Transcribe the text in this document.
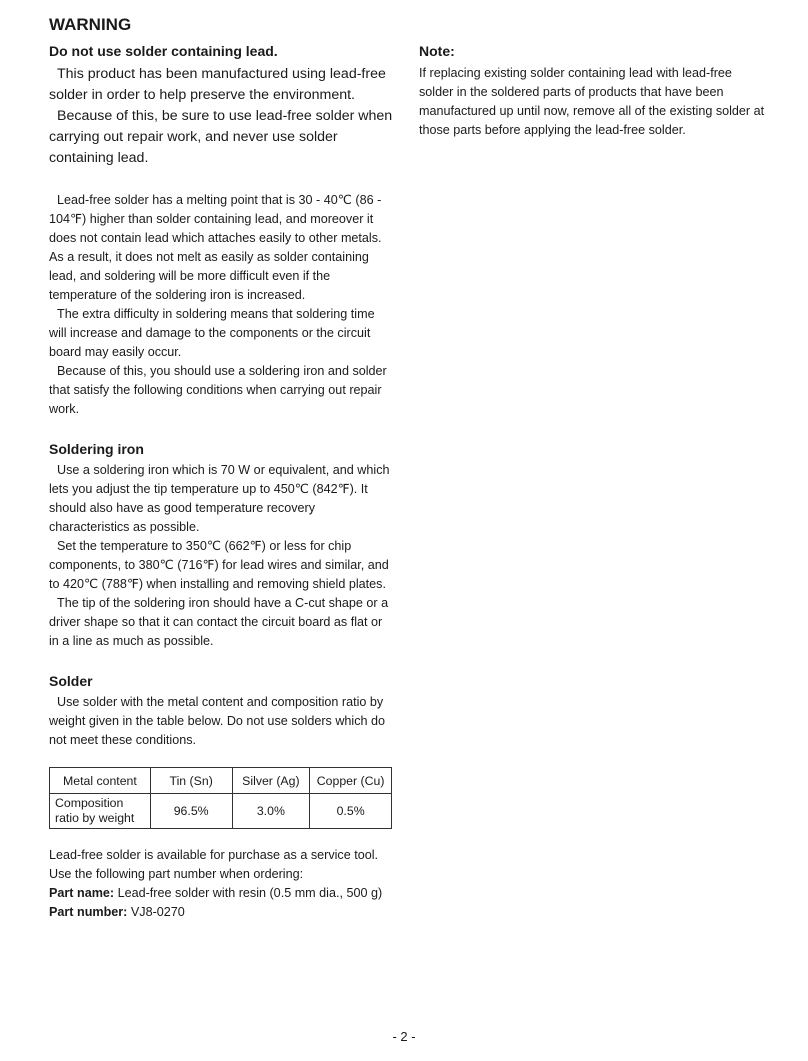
WARNING

Do not use solder containing lead.

This product has been manufactured using lead-free solder in order to help preserve the environment.

Because of this, be sure to use lead-free solder when carrying out repair work, and never use solder containing lead.

Lead-free solder has a melting point that is 30 - 40℃ (86 - 104℉) higher than solder containing lead, and moreover it does not contain lead which attaches easily to other metals. As a result, it does not melt as easily as solder containing lead, and soldering will be more difficult even if the temperature of the soldering iron is increased.

The extra difficulty in soldering means that soldering time will increase and damage to the components or the circuit board may easily occur.

Because of this, you should use a soldering iron and solder that satisfy the following conditions when carrying out repair work.

Soldering iron

Use a soldering iron which is 70 W or equivalent, and which lets you adjust the tip temperature up to 450℃ (842℉). It should also have as good temperature recovery characteristics as possible.

Set the temperature to 350℃ (662℉) or less for chip components, to 380℃ (716℉) for lead wires and similar, and to 420℃ (788℉) when installing and removing shield plates.

The tip of the soldering iron should have a C-cut shape or a driver shape so that it can contact the circuit board as flat or in a line as much as possible.

Solder

Use solder with the metal content and composition ratio by weight given in the table below. Do not use solders which do not meet these conditions.

Metal content	Tin (Sn)	Silver (Ag)	Copper (Cu)
Composition
ratio by weight	96.5%	3.0%	0.5%

Lead-free solder is available for purchase as a service tool.

Use the following part number when ordering:

Part name: Lead-free solder with resin (0.5 mm dia., 500 g)

Part number: VJ8-0270

Note:

If replacing existing solder containing lead with lead-free solder in the soldered parts of products that have been manufactured up until now, remove all of the existing solder at those parts before applying the lead-free solder.

- 2 -
